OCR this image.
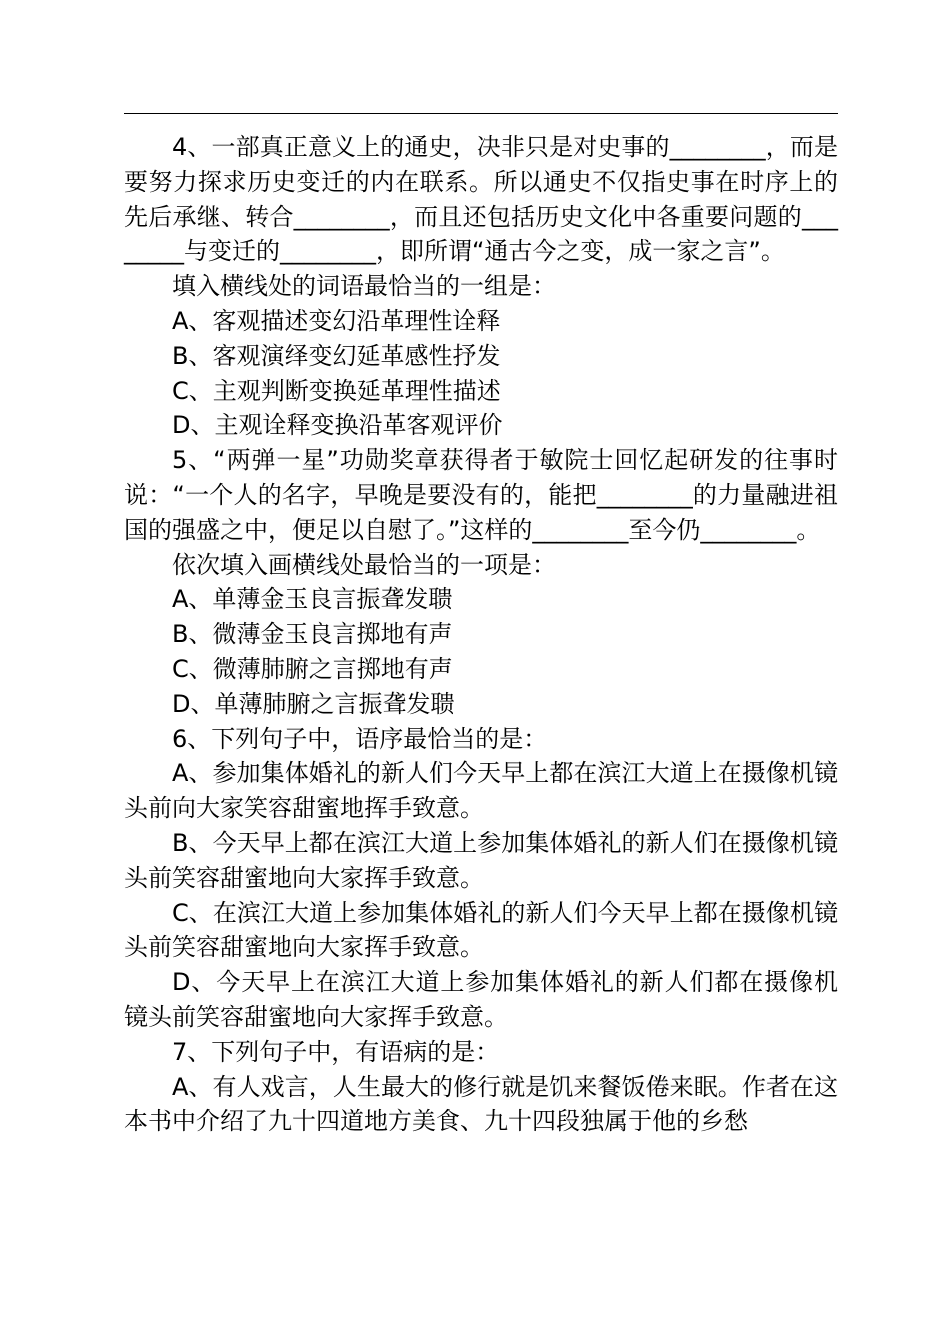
4、一部真正意义上的通史，决非只是对史事的________，而是要努力探求历史变迁的内在联系。所以通史不仅指史事在时序上的先后承继、转合________，而且还包括历史文化中各重要问题的________与变迁的________，即所谓“通古今之变，成一家之言”。

填入横线处的词语最恰当的一组是：

A、客观描述变幻沿革理性诠释

B、客观演绎变幻延革感性抒发

C、主观判断变换延革理性描述

D、主观诠释变换沿革客观评价

5、“两弹一星”功勋奖章获得者于敏院士回忆起研发的往事时说：“一个人的名字，早晚是要没有的，能把________的力量融进祖国的强盛之中，便足以自慰了。”这样的________至今仍________。

依次填入画横线处最恰当的一项是：

A、单薄金玉良言振聋发聩

B、微薄金玉良言掷地有声

C、微薄肺腑之言掷地有声

D、单薄肺腑之言振聋发聩

6、下列句子中，语序最恰当的是：

A、参加集体婚礼的新人们今天早上都在滨江大道上在摄像机镜头前向大家笑容甜蜜地挥手致意。

B、今天早上都在滨江大道上参加集体婚礼的新人们在摄像机镜头前笑容甜蜜地向大家挥手致意。

C、在滨江大道上参加集体婚礼的新人们今天早上都在摄像机镜头前笑容甜蜜地向大家挥手致意。

D、今天早上在滨江大道上参加集体婚礼的新人们都在摄像机镜头前笑容甜蜜地向大家挥手致意。

7、下列句子中，有语病的是：

A、有人戏言，人生最大的修行就是饥来餐饭倦来眠。作者在这本书中介绍了九十四道地方美食、九十四段独属于他的乡愁
